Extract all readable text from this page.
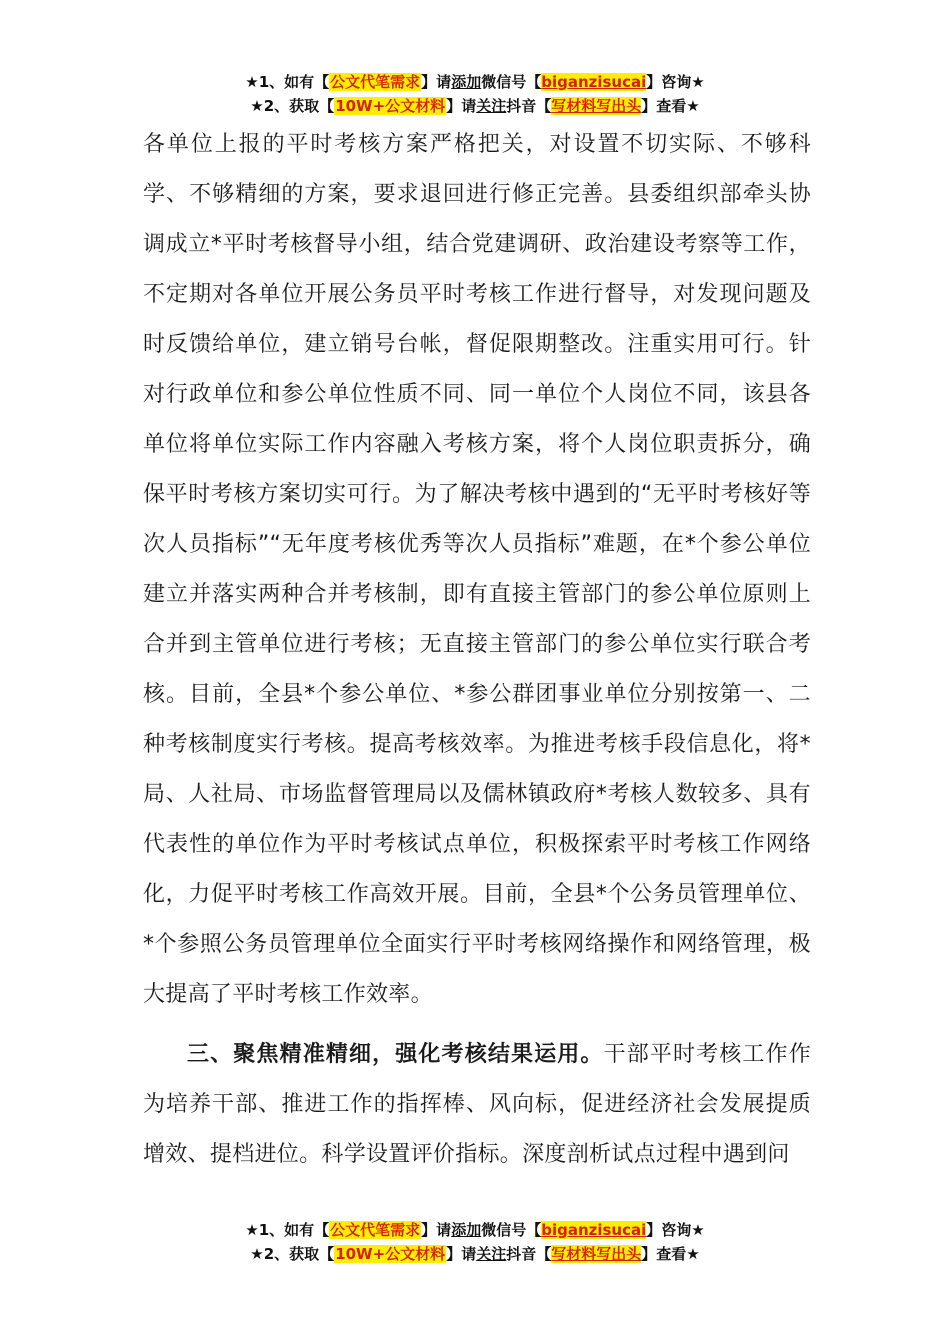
★1、如有【公文代笔需求】请添加微信号【biganzisucai】咨询★
★2、获取【10W+公文材料】请关注抖音【写材料写出头】查看★

各单位上报的平时考核方案严格把关，对设置不切实际、不够科学、不够精细的方案，要求退回进行修正完善。县委组织部牵头协调成立*平时考核督导小组，结合党建调研、政治建设考察等工作，不定期对各单位开展公务员平时考核工作进行督导，对发现问题及时反馈给单位，建立销号台帐，督促限期整改。注重实用可行。针对行政单位和参公单位性质不同、同一单位个人岗位不同，该县各单位将单位实际工作内容融入考核方案，将个人岗位职责拆分，确保平时考核方案切实可行。为了解决考核中遇到的“无平时考核好等次人员指标”“无年度考核优秀等次人员指标”难题，在*个参公单位建立并落实两种合并考核制，即有直接主管部门的参公单位原则上合并到主管单位进行考核；无直接主管部门的参公单位实行联合考核。目前，全县*个参公单位、*参公群团事业单位分别按第一、二种考核制度实行考核。提高考核效率。为推进考核手段信息化，将*局、人社局、市场监督管理局以及儒林镇政府*考核人数较多、具有代表性的单位作为平时考核试点单位，积极探索平时考核工作网络化，力促平时考核工作高效开展。目前，全县*个公务员管理单位、*个参照公务员管理单位全面实行平时考核网络操作和网络管理，极大提高了平时考核工作效率。

三、聚焦精准精细，强化考核结果运用。干部平时考核工作作为培养干部、推进工作的指挥棒、风向标，促进经济社会发展提质增效、提档进位。科学设置评价指标。深度剖析试点过程中遇到问

★1、如有【公文代笔需求】请添加微信号【biganzisucai】咨询★
★2、获取【10W+公文材料】请关注抖音【写材料写出头】查看★
